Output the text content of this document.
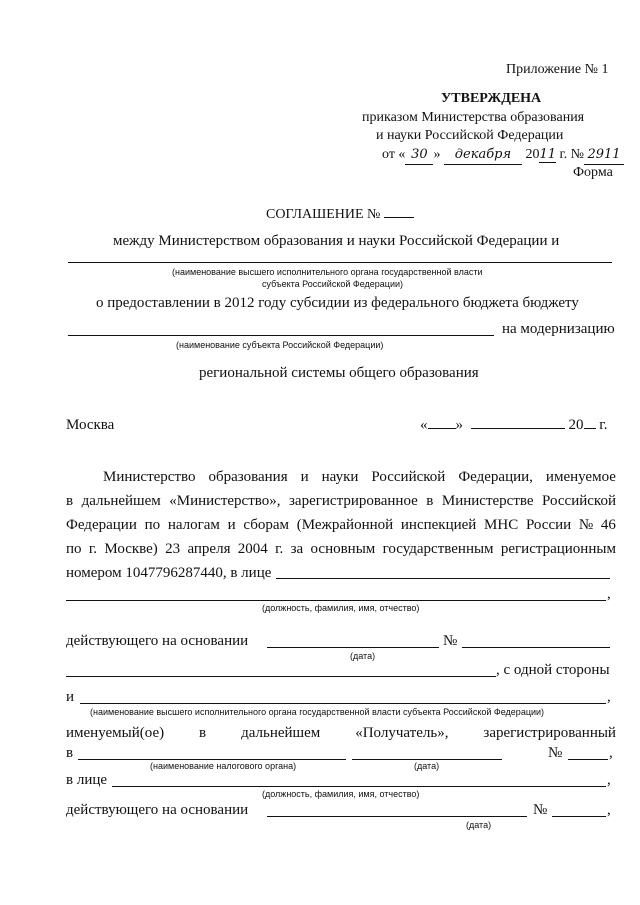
Приложение № 1
УТВЕРЖДЕНА
приказом Министерства образования
и науки Российской Федерации
от « 30 » декабря 2011 г. № 2911
Форма
СОГЛАШЕНИЕ №
между Министерством образования и науки Российской Федерации и
(наименование высшего исполнительного органа государственной власти
субъекта Российской Федерации)
о предоставлении в 2012 году субсидии из федерального бюджета бюджету
на модернизацию
(наименование субъекта Российской Федерации)
региональной системы общего образования
Москва	« »	20 г.
Министерство образования и науки Российской Федерации, именуемое
в дальнейшем «Министерство», зарегистрированное в Министерстве Российской
Федерации по налогам и сборам (Межрайонной инспекцией МНС России № 46
по г. Москве) 23 апреля 2004 г. за основным государственным регистрационным
номером 1047796287440, в лице
,
(должность, фамилия, имя, отчество)
действующего на основании	№
(дата)
, с одной стороны
и	,
(наименование высшего исполнительного органа государственной власти субъекта Российской Федерации)
именуемый(ое) в дальнейшем «Получатель», зарегистрированный
в	№	,
(наименование налогового органа)	(дата)
в лице	,
(должность, фамилия, имя, отчество)
действующего на основании	№	,
(дата)
